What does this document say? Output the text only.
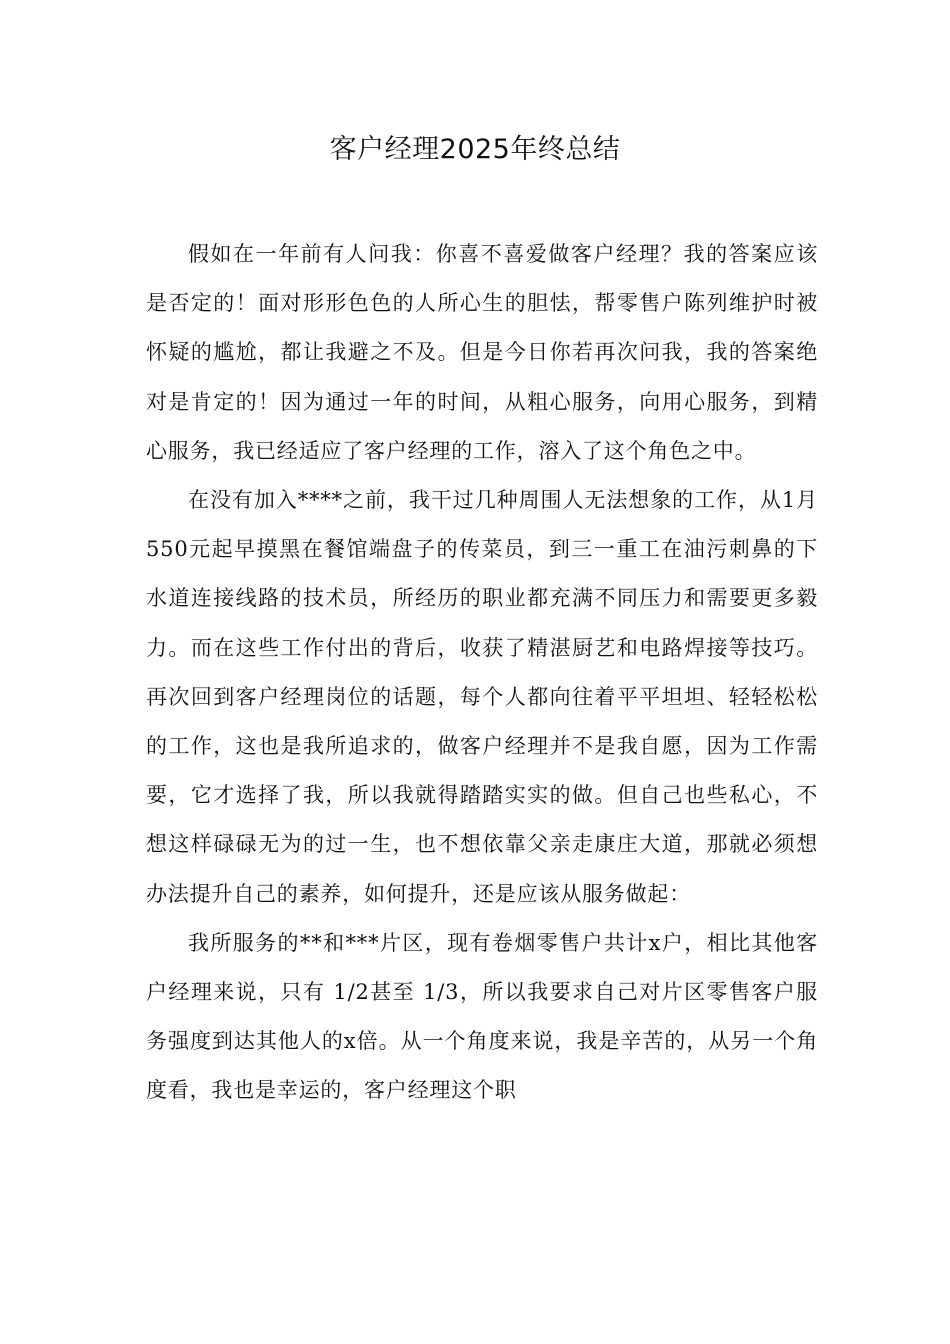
客户经理2025年终总结

假如在一年前有人问我：你喜不喜爱做客户经理？我的答案应该是否定的！面对形形色色的人所心生的胆怯，帮零售户陈列维护时被怀疑的尴尬，都让我避之不及。但是今日你若再次问我，我的答案绝对是肯定的！因为通过一年的时间，从粗心服务，向用心服务，到精心服务，我已经适应了客户经理的工作，溶入了这个角色之中。

在没有加入****之前，我干过几种周围人无法想象的工作，从1月550元起早摸黑在餐馆端盘子的传菜员，到三一重工在油污刺鼻的下水道连接线路的技术员，所经历的职业都充满不同压力和需要更多毅力。而在这些工作付出的背后，收获了精湛厨艺和电路焊接等技巧。再次回到客户经理岗位的话题，每个人都向往着平平坦坦、轻轻松松的工作，这也是我所追求的，做客户经理并不是我自愿，因为工作需要，它才选择了我，所以我就得踏踏实实的做。但自己也些私心，不想这样碌碌无为的过一生，也不想依靠父亲走康庄大道，那就必须想办法提升自己的素养，如何提升，还是应该从服务做起：

我所服务的**和***片区，现有卷烟零售户共计x户，相比其他客户经理来说，只有 1/2甚至 1/3，所以我要求自己对片区零售客户服务强度到达其他人的x倍。从一个角度来说，我是辛苦的，从另一个角度看，我也是幸运的，客户经理这个职
